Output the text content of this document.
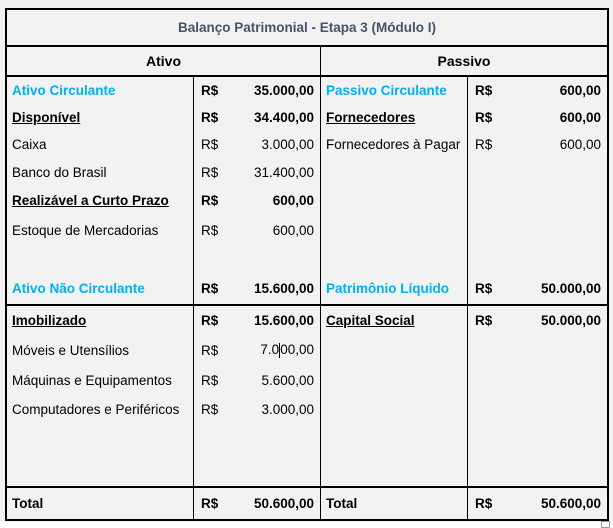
Balanço Patrimonial - Etapa 3 (Módulo I)
Ativo	Passivo
Ativo Circulante	R$	35.000,00 Passivo Circulante R$	600,00
Disponível	R$	34.400,00 Fornecedores	R$	600,00
Caixa	R$	3.000,00 Fornecedores à Pagar R$	600,00
Banco do Brasil	R$	31.400,00
Realizável a Curto Prazo R$	600,00
Estoque de Mercadorias	R$	600,00
Ativo Não Circulante	R$	15.600,00 Patrimônio Líquido R$	50.000,00
Imobilizado	R$	15.600,00 Capital Social	R$	50.000,00
Móveis e Utensílios	R$	7.000,00
Máquinas e Equipamentos R$	5.600,00
Computadores e Periféricos R$	3.000,00
Total	R$	50.600,00 Total	R$	50.600,00
